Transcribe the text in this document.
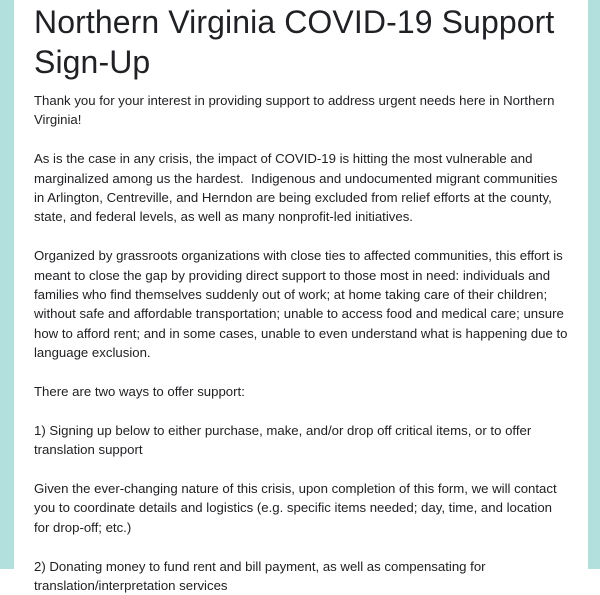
Northern Virginia COVID-19 Support Sign-Up

Thank you for your interest in providing support to address urgent needs here in Northern Virginia!

As is the case in any crisis, the impact of COVID-19 is hitting the most vulnerable and marginalized among us the hardest.  Indigenous and undocumented migrant communities in Arlington, Centreville, and Herndon are being excluded from relief efforts at the county, state, and federal levels, as well as many nonprofit-led initiatives.

Organized by grassroots organizations with close ties to affected communities, this effort is meant to close the gap by providing direct support to those most in need: individuals and families who find themselves suddenly out of work; at home taking care of their children; without safe and affordable transportation; unable to access food and medical care; unsure how to afford rent; and in some cases, unable to even understand what is happening due to language exclusion.

There are two ways to offer support:

1) Signing up below to either purchase, make, and/or drop off critical items, or to offer translation support

Given the ever-changing nature of this crisis, upon completion of this form, we will contact you to coordinate details and logistics (e.g. specific items needed; day, time, and location for drop-off; etc.)

2) Donating money to fund rent and bill payment, as well as compensating for translation/interpretation services
